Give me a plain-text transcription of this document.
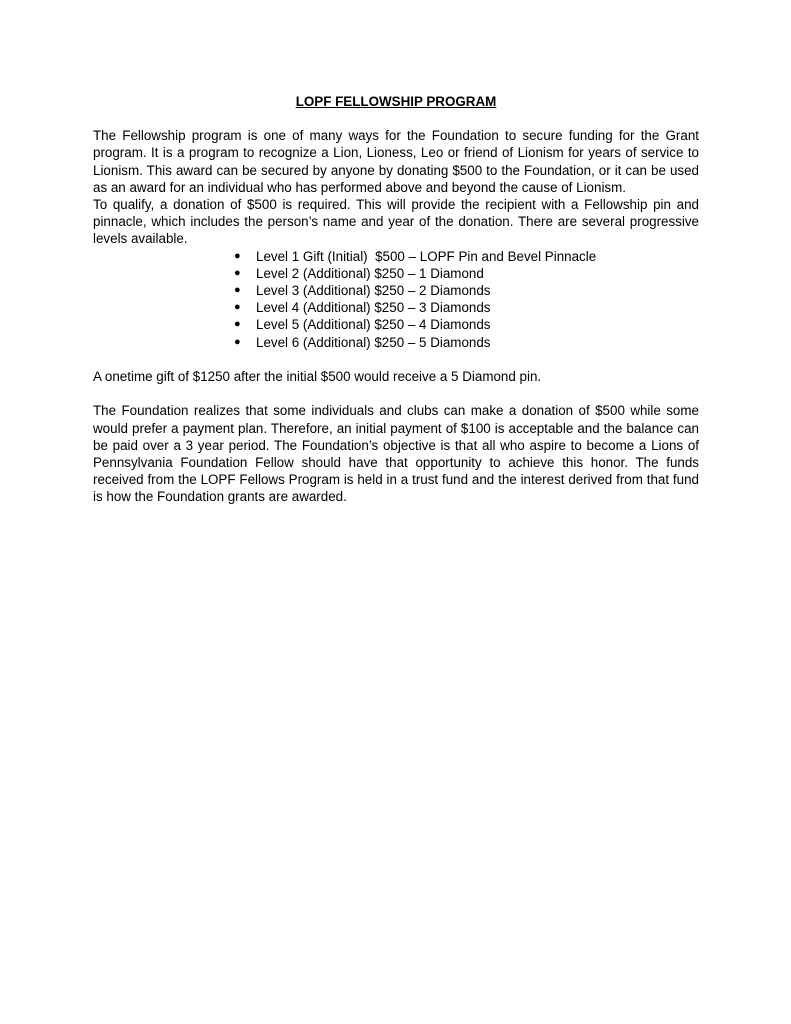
LOPF FELLOWSHIP PROGRAM

The Fellowship program is one of many ways for the Foundation to secure funding for the Grant program. It is a program to recognize a Lion, Lioness, Leo or friend of Lionism for years of service to Lionism. This award can be secured by anyone by donating $500 to the Foundation, or it can be used as an award for an individual who has performed above and beyond the cause of Lionism.

To qualify, a donation of $500 is required. This will provide the recipient with a Fellowship pin and pinnacle, which includes the person’s name and year of the donation. There are several progressive levels available.

● Level 1 Gift (Initial)  $500 – LOPF Pin and Bevel Pinnacle
● Level 2 (Additional) $250 – 1 Diamond
● Level 3 (Additional) $250 – 2 Diamonds
● Level 4 (Additional) $250 – 3 Diamonds
● Level 5 (Additional) $250 – 4 Diamonds
● Level 6 (Additional) $250 – 5 Diamonds

A onetime gift of $1250 after the initial $500 would receive a 5 Diamond pin.

The Foundation realizes that some individuals and clubs can make a donation of $500 while some would prefer a payment plan. Therefore, an initial payment of $100 is acceptable and the balance can be paid over a 3 year period. The Foundation’s objective is that all who aspire to become a Lions of Pennsylvania Foundation Fellow should have that opportunity to achieve this honor. The funds received from the LOPF Fellows Program is held in a trust fund and the interest derived from that fund is how the Foundation grants are awarded.
